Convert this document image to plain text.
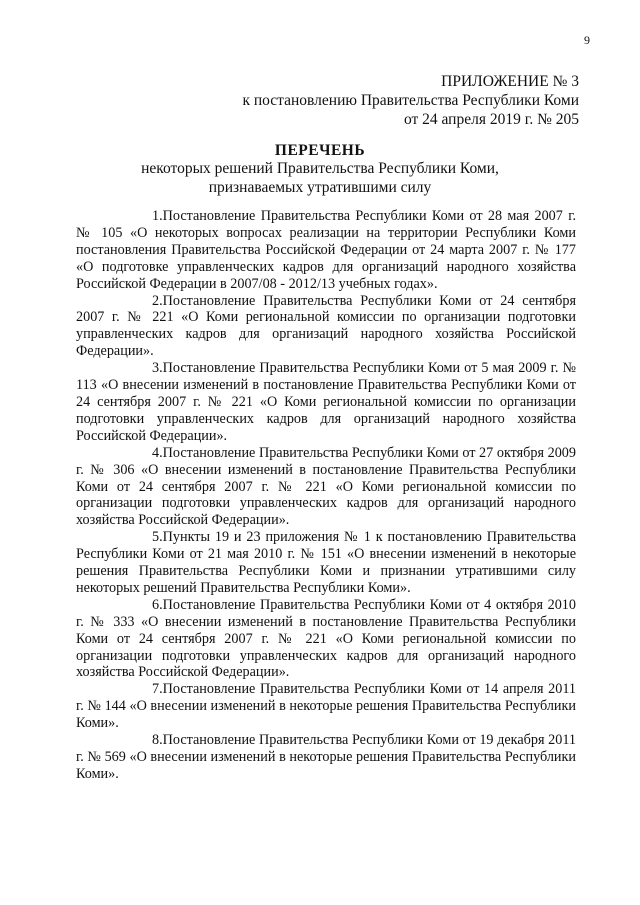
9
ПРИЛОЖЕНИЕ № 3
к постановлению Правительства Республики Коми
от 24 апреля 2019 г. № 205
ПЕРЕЧЕНЬ
некоторых решений Правительства Республики Коми,
признаваемых утратившими силу

1.Постановление Правительства Республики Коми от 28 мая 2007 г. № 105 «О некоторых вопросах реализации на территории Республики Коми постановления Правительства Российской Федерации от 24 марта 2007 г. № 177 «О подготовке управленческих кадров для организаций народного хозяйства Российской Федерации в 2007/08 - 2012/13 учебных годах».

2.Постановление Правительства Республики Коми от 24 сентября 2007 г. № 221 «О Коми региональной комиссии по организации подготовки управленческих кадров для организаций народного хозяйства Российской Федерации».

3.Постановление Правительства Республики Коми от 5 мая 2009 г. № 113 «О внесении изменений в постановление Правительства Республики Коми от 24 сентября 2007 г. № 221 «О Коми региональной комиссии по организации подготовки управленческих кадров для организаций народного хозяйства Российской Федерации».

4.Постановление Правительства Республики Коми от 27 октября 2009 г. № 306 «О внесении изменений в постановление Правительства Республики Коми от 24 сентября 2007 г. № 221 «О Коми региональной комиссии по организации подготовки управленческих кадров для организаций народного хозяйства Российской Федерации».

5.Пункты 19 и 23 приложения № 1 к постановлению Правительства Республики Коми от 21 мая 2010 г. № 151 «О внесении изменений в некоторые решения Правительства Республики Коми и признании утратившими силу некоторых решений Правительства Республики Коми».

6.Постановление Правительства Республики Коми от 4 октября 2010 г. № 333 «О внесении изменений в постановление Правительства Республики Коми от 24 сентября 2007 г. № 221 «О Коми региональной комиссии по организации подготовки управленческих кадров для организаций народного хозяйства Российской Федерации».

7.Постановление Правительства Республики Коми от 14 апреля 2011 г. № 144 «О внесении изменений в некоторые решения Правительства Республики Коми».

8.Постановление Правительства Республики Коми от 19 декабря 2011 г. № 569 «О внесении изменений в некоторые решения Правительства Республики Коми».
